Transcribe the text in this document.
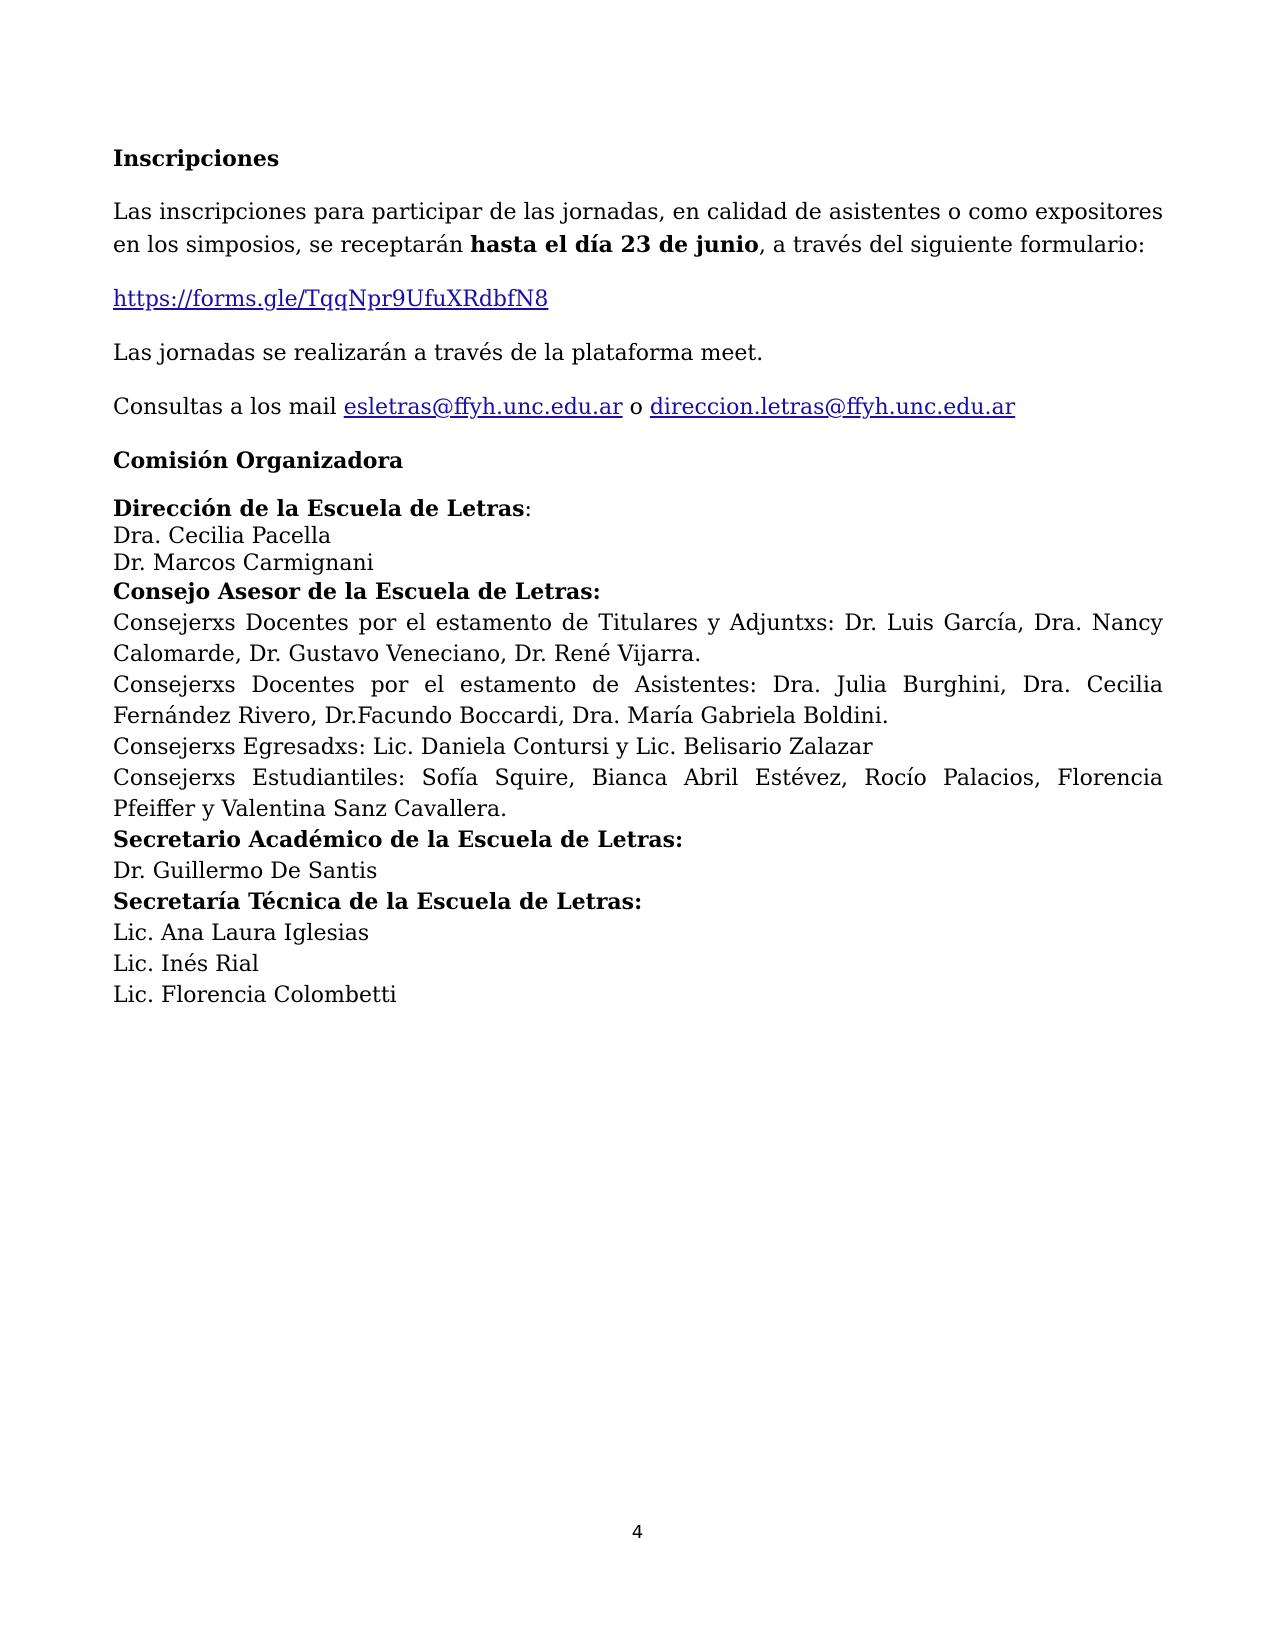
Inscripciones
Las inscripciones para participar de las jornadas, en calidad de asistentes o como expositores en los simposios, se receptarán hasta el día 23 de junio, a través del siguiente formulario:
https://forms.gle/TqqNpr9UfuXRdbfN8
Las jornadas se realizarán a través de la plataforma meet.
Consultas a los mail esletras@ffyh.unc.edu.ar o direccion.letras@ffyh.unc.edu.ar
Comisión Organizadora
Dirección de la Escuela de Letras:
Dra. Cecilia Pacella
Dr. Marcos Carmignani
Consejo Asesor de la Escuela de Letras:
Consejerxs Docentes por el estamento de Titulares y Adjuntxs: Dr. Luis García, Dra. Nancy Calomarde, Dr. Gustavo Veneciano, Dr. René Vijarra.
Consejerxs Docentes por el estamento de Asistentes: Dra. Julia Burghini, Dra. Cecilia Fernández Rivero, Dr.Facundo Boccardi, Dra. María Gabriela Boldini.
Consejerxs Egresadxs: Lic. Daniela Contursi y Lic. Belisario Zalazar
Consejerxs Estudiantiles: Sofía Squire, Bianca Abril Estévez, Rocío Palacios, Florencia Pfeiffer y Valentina Sanz Cavallera.
Secretario Académico de la Escuela de Letras:
Dr. Guillermo De Santis
Secretaría Técnica de la Escuela de Letras:
Lic. Ana Laura Iglesias
Lic. Inés Rial
Lic. Florencia Colombetti
4
